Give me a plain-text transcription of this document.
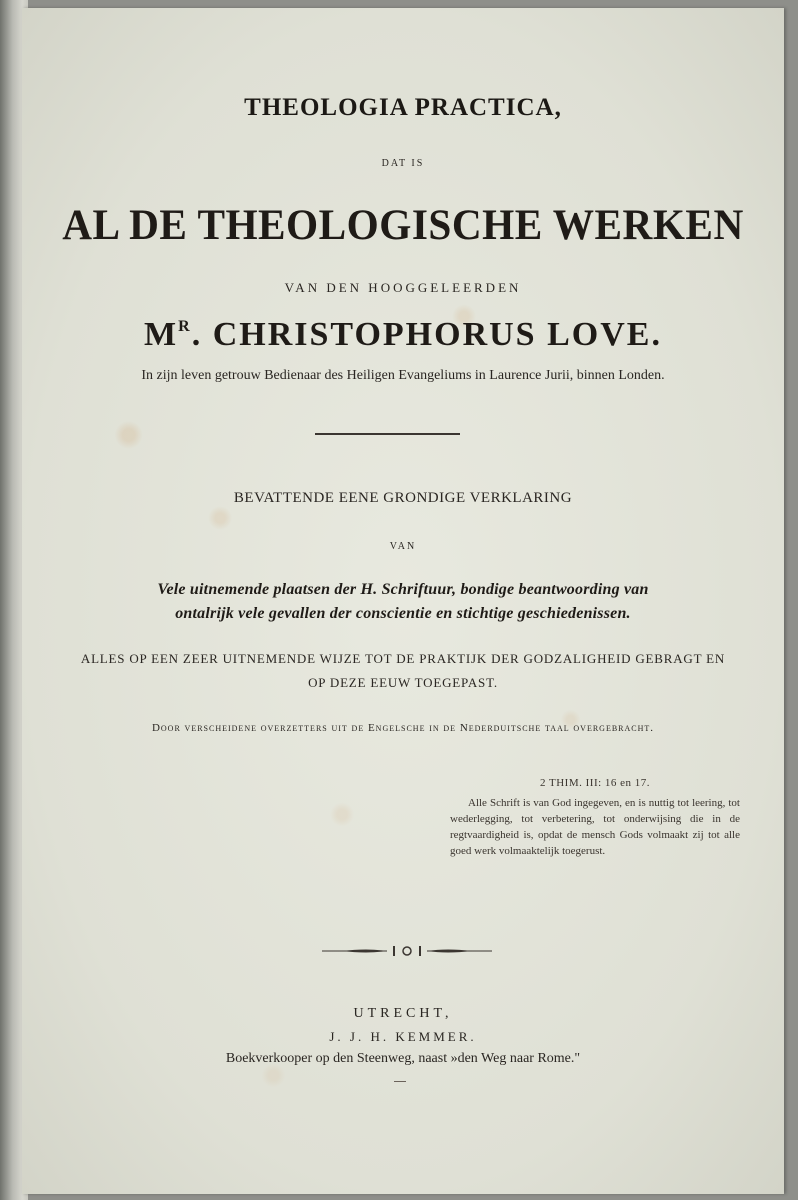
THEOLOGIA PRACTICA,
DAT IS
AL DE THEOLOGISCHE WERKEN
VAN DEN HOOGGELEERDEN
$M^R$. CHRISTOPHORUS LOVE.
In zijn leven getrouw Bedienaar des Heiligen Evangeliums in Laurence Jurii, binnen Londen.
BEVATTENDE EENE GRONDIGE VERKLARING
VAN
Vele uitnemende plaatsen der H. Schriftuur, bondige beantwoording van
ontalrijk vele gevallen der conscientie en stichtige geschiedenissen.
ALLES OP EEN ZEER UITNEMENDE WIJZE TOT DE PRAKTIJK DER GODZALIGHEID GEBRAGT EN
OP DEZE EEUW TOEGEPAST.
Door verscheidene overzetters uit de Engelsche in de Nederduitsche taal overgebracht.
2 THIM. III: 16 en 17.
Alle Schrift is van God ingegeven, en is nuttig tot leering, tot wederlegging, tot verbetering, tot onderwijsing die in de regtvaardigheid is, opdat de mensch Gods volmaakt zij tot alle goed werk volmaaktelijk toegerust.
UTRECHT,
J. J. H. KEMMER.
Boekverkooper op den Steenweg, naast »den Weg naar Rome."
